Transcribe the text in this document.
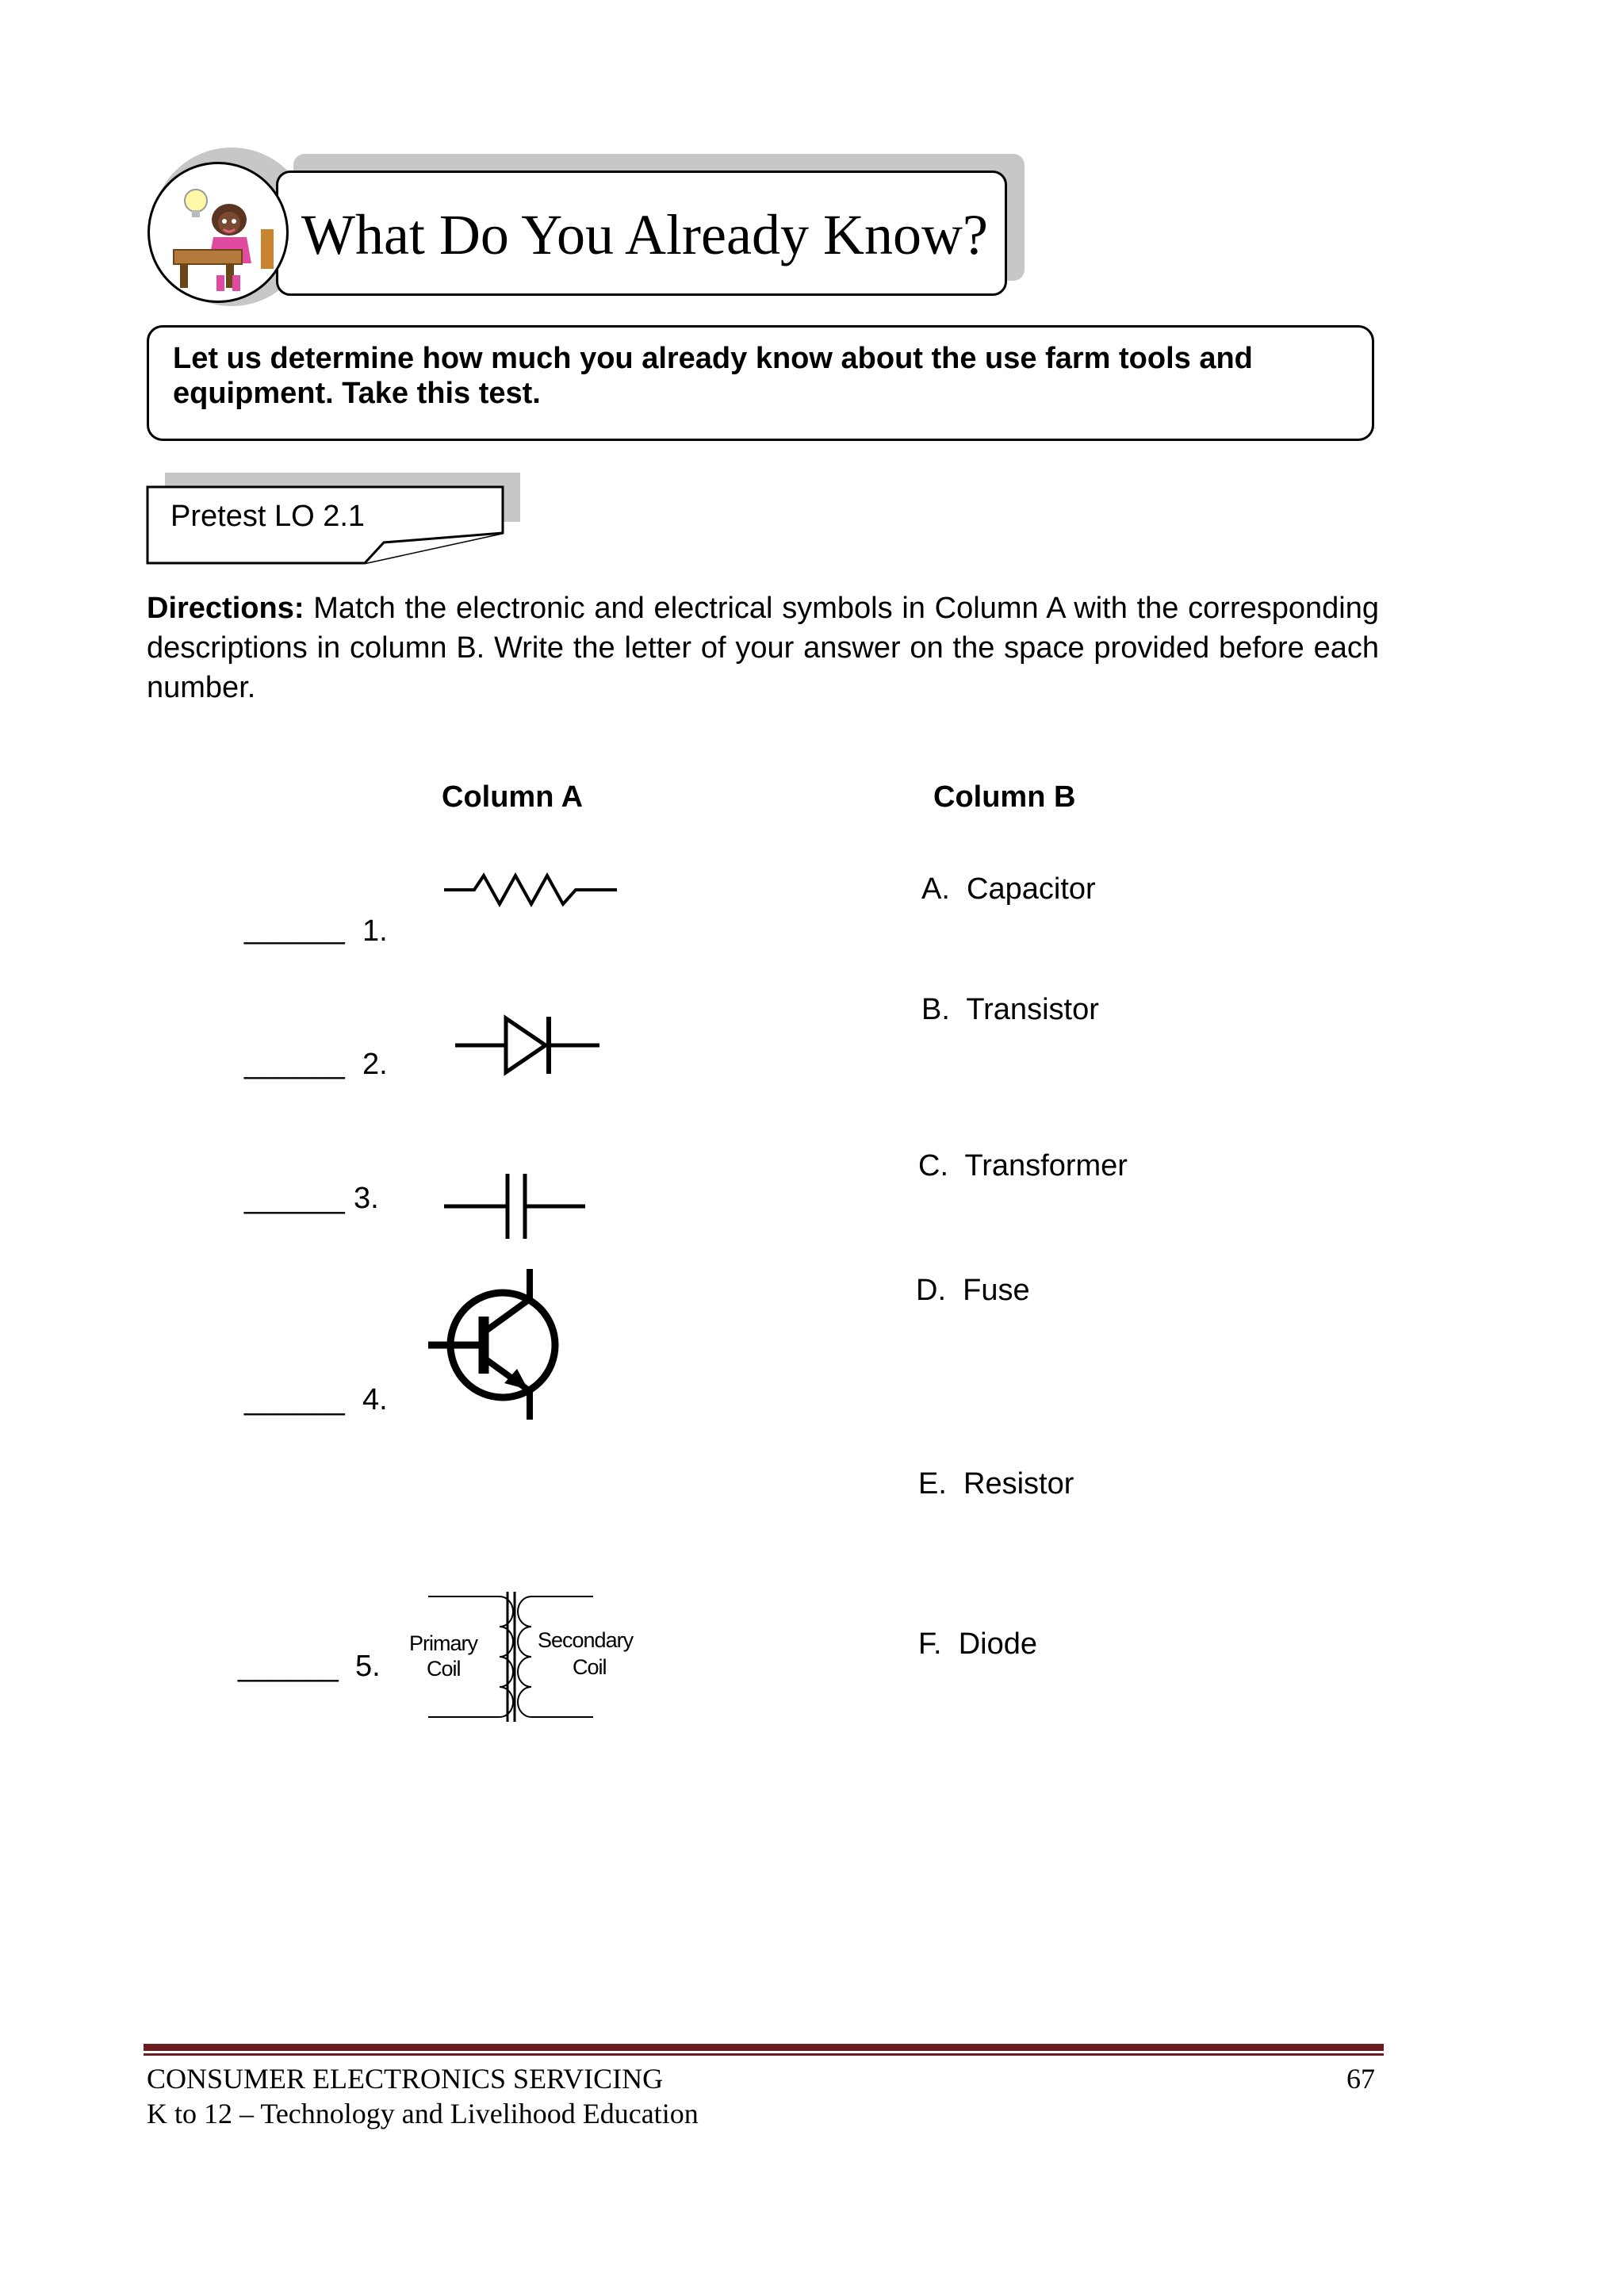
What Do You Already Know?
Let us determine how much you already know about the use farm tools and equipment. Take this test.
Pretest LO 2.1
Directions: Match the electronic and electrical symbols in Column A with the corresponding descriptions in column B. Write the letter of your answer on the space provided before each number.
Column A	Column B
______ 1.
______ 2.
______ 3.
______ 4.
______ 5.
Primary
Coil
Secondary
Coil
A. Capacitor
B. Transistor
C. Transformer
D. Fuse
E. Resistor
F. Diode
CONSUMER ELECTRONICS SERVICING	67
K to 12 – Technology and Livelihood Education
